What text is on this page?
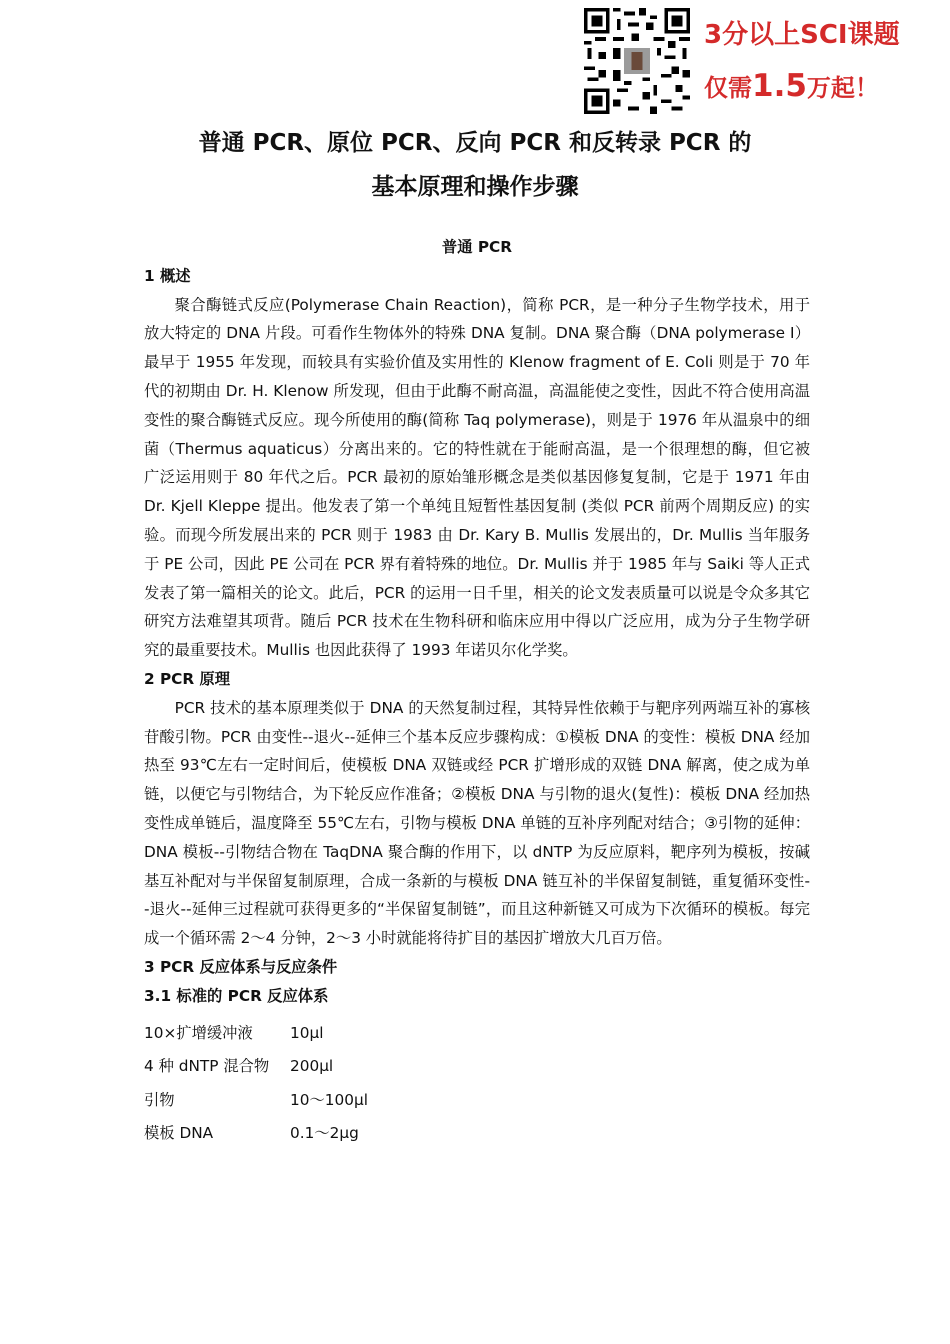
3分以上SCI课题
仅需1.5万起！
普通 PCR、原位 PCR、反向 PCR 和反转录 PCR 的
基本原理和操作步骤
普通 PCR
1 概述

聚合酶链式反应(Polymerase Chain Reaction)，简称 PCR，是一种分子生物学技术，用于放大特定的 DNA 片段。可看作生物体外的特殊 DNA 复制。DNA 聚合酶（DNA polymerase I）最早于 1955 年发现，而较具有实验价值及实用性的 Klenow fragment of E. Coli 则是于 70 年代的初期由 Dr. H. Klenow 所发现，但由于此酶不耐高温，高温能使之变性，因此不符合使用高温变性的聚合酶链式反应。现今所使用的酶(简称 Taq polymerase)，则是于 1976 年从温泉中的细菌（Thermus aquaticus）分离出来的。它的特性就在于能耐高温，是一个很理想的酶，但它被广泛运用则于 80 年代之后。PCR 最初的原始雏形概念是类似基因修复复制，它是于 1971 年由 Dr. Kjell Kleppe 提出。他发表了第一个单纯且短暂性基因复制 (类似 PCR 前两个周期反应) 的实验。而现今所发展出来的 PCR 则于 1983 由 Dr. Kary B. Mullis 发展出的，Dr. Mullis 当年服务于 PE 公司，因此 PE 公司在 PCR 界有着特殊的地位。Dr. Mullis 并于 1985 年与 Saiki 等人正式发表了第一篇相关的论文。此后，PCR 的运用一日千里，相关的论文发表质量可以说是令众多其它研究方法难望其项背。随后 PCR 技术在生物科研和临床应用中得以广泛应用，成为分子生物学研究的最重要技术。Mullis 也因此获得了 1993 年诺贝尔化学奖。

2 PCR 原理

PCR 技术的基本原理类似于 DNA 的天然复制过程，其特异性依赖于与靶序列两端互补的寡核苷酸引物。PCR 由变性--退火--延伸三个基本反应步骤构成：①模板 DNA 的变性：模板 DNA 经加热至 93℃左右一定时间后，使模板 DNA 双链或经 PCR 扩增形成的双链 DNA 解离，使之成为单链，以便它与引物结合，为下轮反应作准备；②模板 DNA 与引物的退火(复性)：模板 DNA 经加热变性成单链后，温度降至 55℃左右，引物与模板 DNA 单链的互补序列配对结合；③引物的延伸：DNA 模板--引物结合物在 TaqDNA 聚合酶的作用下，以 dNTP 为反应原料，靶序列为模板，按碱基互补配对与半保留复制原理，合成一条新的与模板 DNA 链互补的半保留复制链，重复循环变性--退火--延伸三过程就可获得更多的“半保留复制链”，而且这种新链又可成为下次循环的模板。每完成一个循环需 2～4 分钟，2～3 小时就能将待扩目的基因扩增放大几百万倍。

3 PCR 反应体系与反应条件
3.1 标准的 PCR 反应体系
10×扩增缓冲液	10μl
4 种 dNTP 混合物	200μl
引物	10～100μl
模板 DNA	0.1～2μg
